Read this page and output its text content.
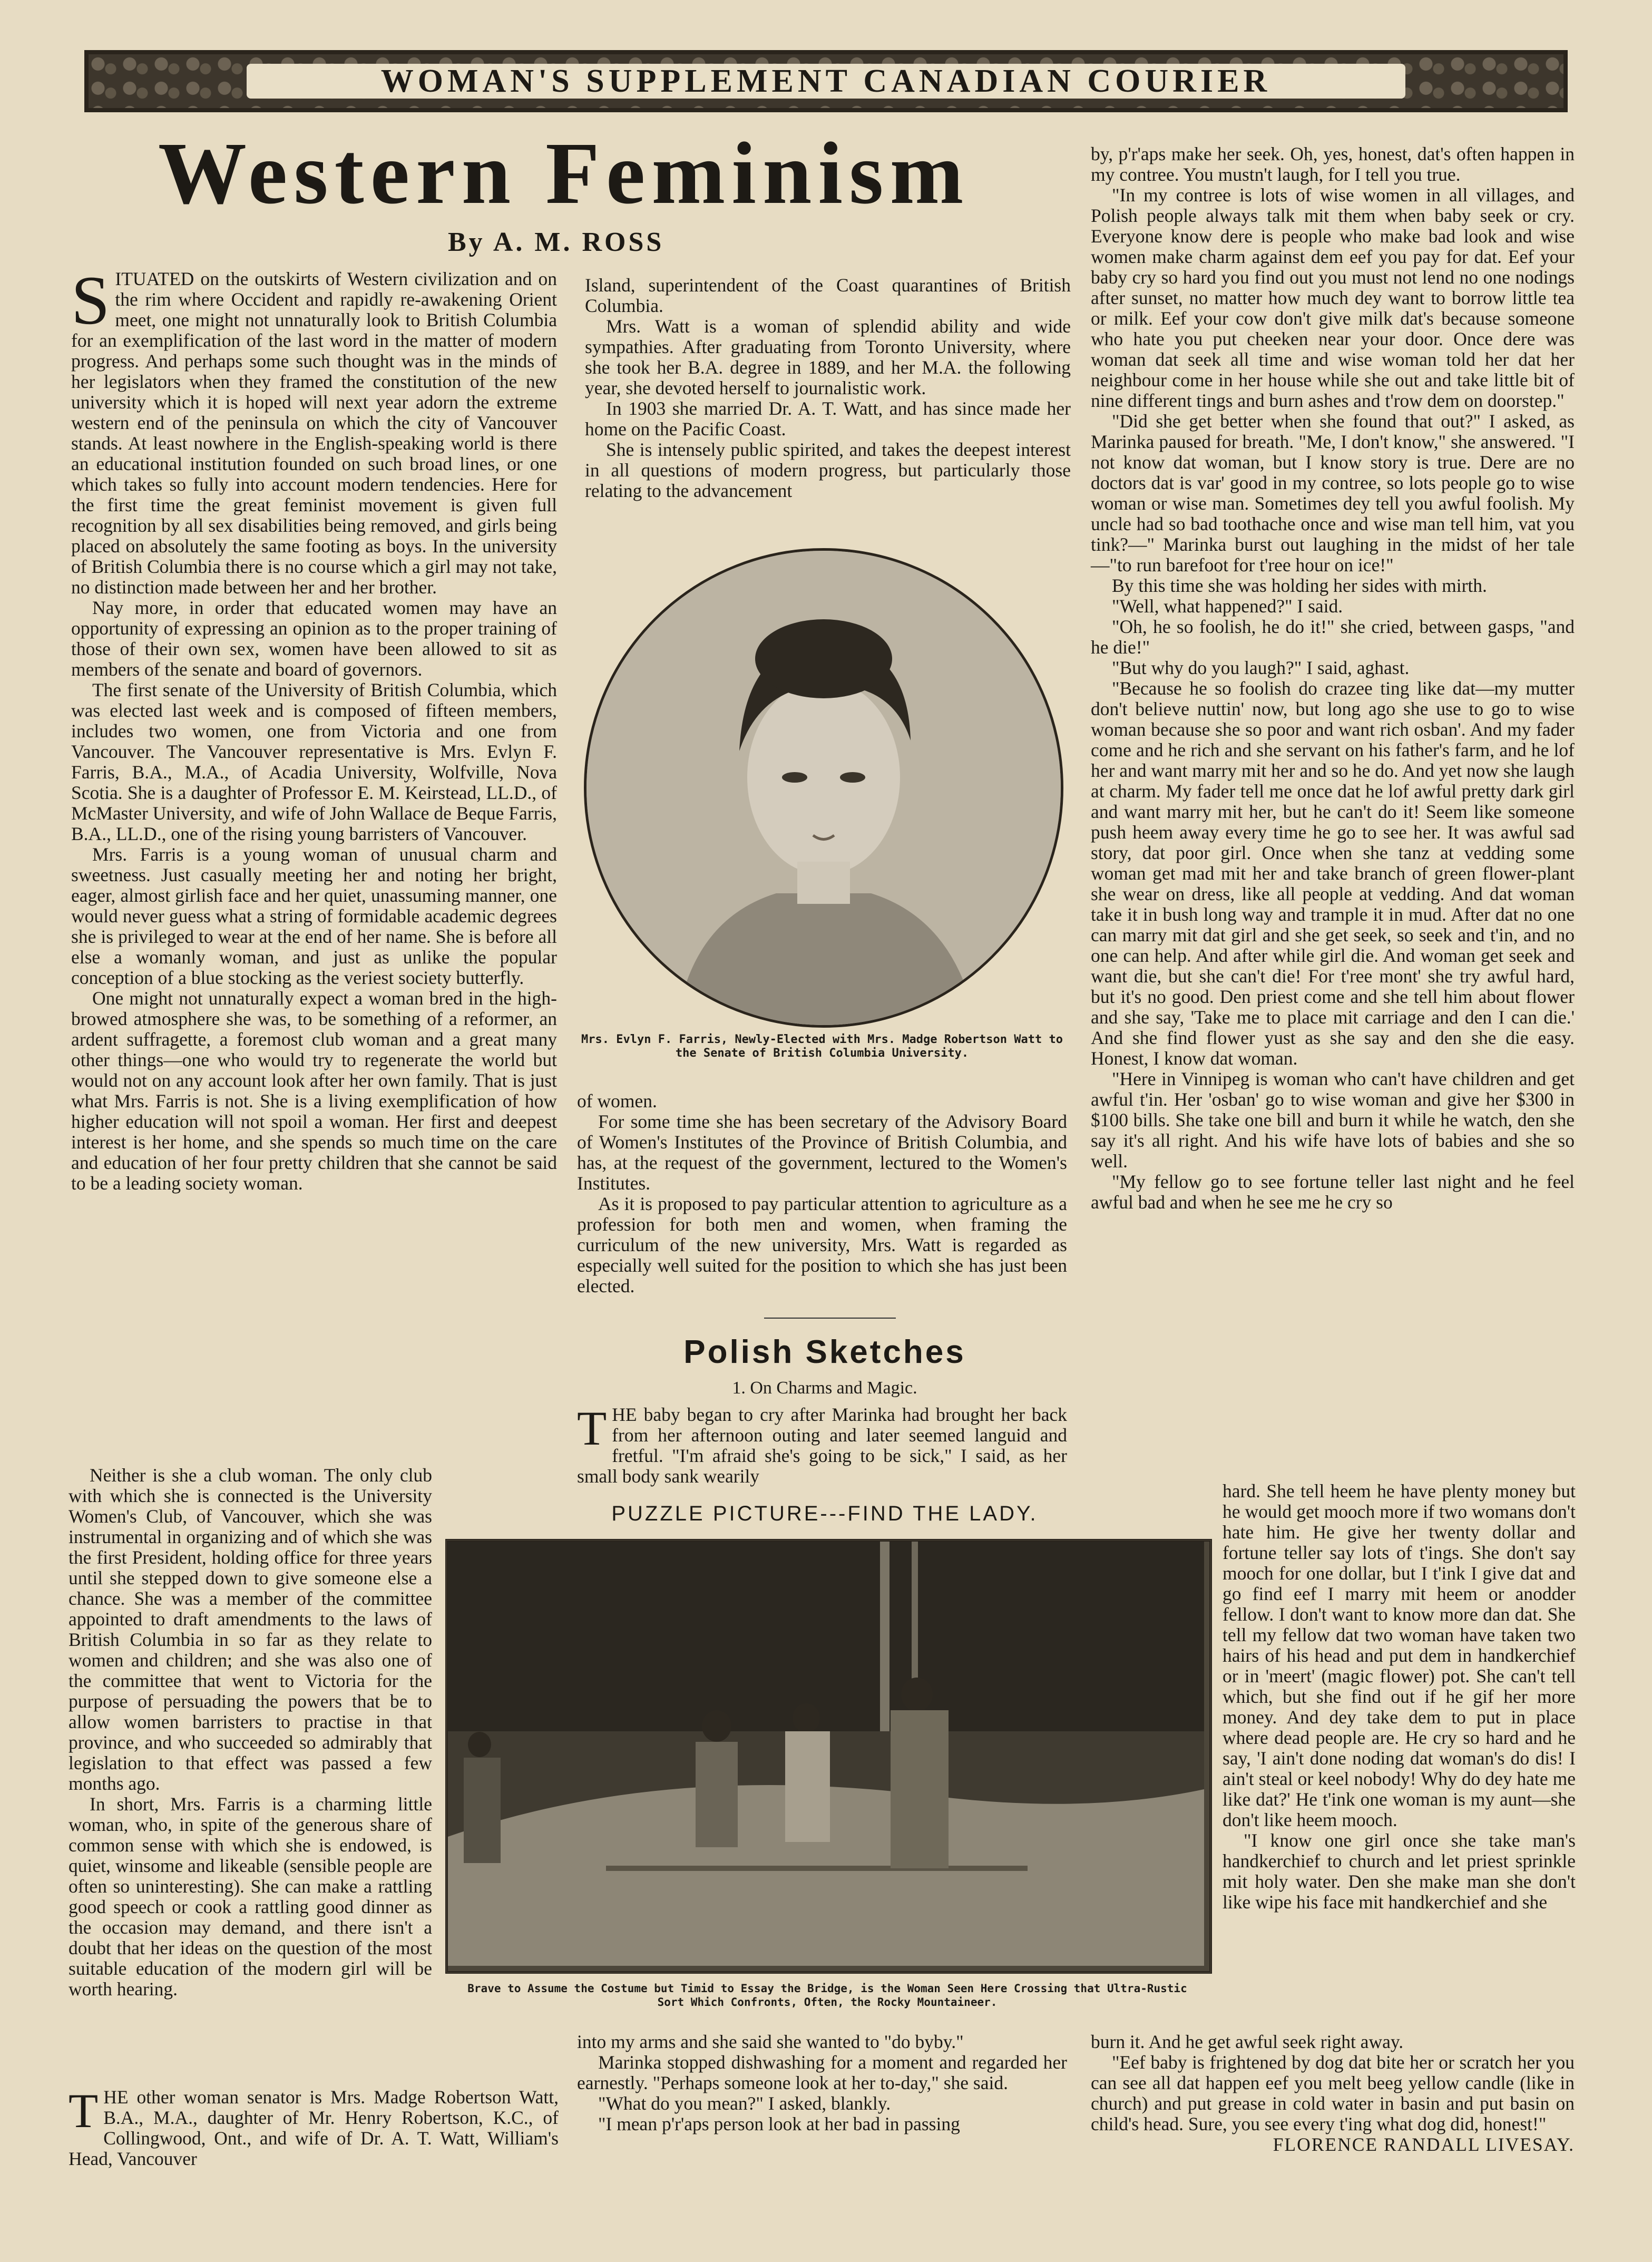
WOMAN'S SUPPLEMENT CANADIAN COURIER
Western Feminism
By A. M. ROSS

SITUATED on the outskirts of Western civilization and on the rim where Occident and rapidly re-awakening Orient meet, one might not unnaturally look to British Columbia for an exemplification of the last word in the matter of modern progress. And perhaps some such thought was in the minds of her legislators when they framed the constitution of the new university which it is hoped will next year adorn the extreme western end of the peninsula on which the city of Vancouver stands. At least nowhere in the English-speaking world is there an educational institution founded on such broad lines, or one which takes so fully into account modern tendencies. Here for the first time the great feminist movement is given full recognition by all sex disabilities being removed, and girls being placed on absolutely the same footing as boys. In the university of British Columbia there is no course which a girl may not take, no distinction made between her and her brother.

Nay more, in order that educated women may have an opportunity of expressing an opinion as to the proper training of those of their own sex, women have been allowed to sit as members of the senate and board of governors.

The first senate of the University of British Columbia, which was elected last week and is composed of fifteen members, includes two women, one from Victoria and one from Vancouver. The Vancouver representative is Mrs. Evlyn F. Farris, B.A., M.A., of Acadia University, Wolfville, Nova Scotia. She is a daughter of Professor E. M. Keirstead, LL.D., of McMaster University, and wife of John Wallace de Beque Farris, B.A., LL.D., one of the rising young barristers of Vancouver.

Mrs. Farris is a young woman of unusual charm and sweetness. Just casually meeting her and noting her bright, eager, almost girlish face and her quiet, unassuming manner, one would never guess what a string of formidable academic degrees she is privileged to wear at the end of her name. She is before all else a womanly woman, and just as unlike the popular conception of a blue stocking as the veriest society butterfly.

One might not unnaturally expect a woman bred in the high-browed atmosphere she was, to be something of a reformer, an ardent suffragette, a foremost club woman and a great many other things—one who would try to regenerate the world but would not on any account look after her own family. That is just what Mrs. Farris is not. She is a living exemplification of how higher education will not spoil a woman. Her first and deepest interest is her home, and she spends so much time on the care and education of her four pretty children that she cannot be said to be a leading society woman.

Neither is she a club woman. The only club with which she is connected is the University Women's Club, of Vancouver, which she was instrumental in organizing and of which she was the first President, holding office for three years until she stepped down to give someone else a chance. She was a member of the committee appointed to draft amendments to the laws of British Columbia in so far as they relate to women and children; and she was also one of the committee that went to Victoria for the purpose of persuading the powers that be to allow women barristers to practise in that province, and who succeeded so admirably that legislation to that effect was passed a few months ago.

In short, Mrs. Farris is a charming little woman, who, in spite of the generous share of common sense with which she is endowed, is quiet, winsome and likeable (sensible people are often so uninteresting). She can make a rattling good speech or cook a rattling good dinner as the occasion may demand, and there isn't a doubt that her ideas on the question of the most suitable education of the modern girl will be worth hearing.

THE other woman senator is Mrs. Madge Robertson Watt, B.A., M.A., daughter of Mr. Henry Robertson, K.C., of Collingwood, Ont., and wife of Dr. A. T. Watt, William's Head, Vancouver

Island, superintendent of the Coast quarantines of British Columbia.

Mrs. Watt is a woman of splendid ability and wide sympathies. After graduating from Toronto University, where she took her B.A. degree in 1889, and her M.A. the following year, she devoted herself to journalistic work.

In 1903 she married Dr. A. T. Watt, and has since made her home on the Pacific Coast.

She is intensely public spirited, and takes the deepest interest in all questions of modern progress, but particularly those relating to the advancement

Mrs. Evlyn F. Farris, Newly-Elected with Mrs. Madge Robertson Watt to the Senate of British Columbia University.

of women.

For some time she has been secretary of the Advisory Board of Women's Institutes of the Province of British Columbia, and has, at the request of the government, lectured to the Women's Institutes.

As it is proposed to pay particular attention to agriculture as a profession for both men and women, when framing the curriculum of the new university, Mrs. Watt is regarded as especially well suited for the position to which she has just been elected.

Polish Sketches
1. On Charms and Magic.

THE baby began to cry after Marinka had brought her back from her afternoon outing and later seemed languid and fretful. "I'm afraid she's going to be sick," I said, as her small body sank wearily

PUZZLE PICTURE---FIND THE LADY.
Brave to Assume the Costume but Timid to Essay the Bridge, is the Woman Seen Here Crossing that Ultra-Rustic Sort Which Confronts, Often, the Rocky Mountaineer.

into my arms and she said she wanted to "do byby."

Marinka stopped dishwashing for a moment and regarded her earnestly. "Perhaps someone look at her to-day," she said.

"What do you mean?" I asked, blankly.

"I mean p'r'aps person look at her bad in passing

by, p'r'aps make her seek. Oh, yes, honest, dat's often happen in my contree. You mustn't laugh, for I tell you true.

"In my contree is lots of wise women in all villages, and Polish people always talk mit them when baby seek or cry. Everyone know dere is people who make bad look and wise women make charm against dem eef you pay for dat. Eef your baby cry so hard you find out you must not lend no one nodings after sunset, no matter how much dey want to borrow little tea or milk. Eef your cow don't give milk dat's because someone who hate you put cheeken near your door. Once dere was woman dat seek all time and wise woman told her dat her neighbour come in her house while she out and take little bit of nine different tings and burn ashes and t'row dem on doorstep."

"Did she get better when she found that out?" I asked, as Marinka paused for breath. "Me, I don't know," she answered. "I not know dat woman, but I know story is true. Dere are no doctors dat is var' good in my contree, so lots people go to wise woman or wise man. Sometimes dey tell you awful foolish. My uncle had so bad toothache once and wise man tell him, vat you tink?—" Marinka burst out laughing in the midst of her tale—"to run barefoot for t'ree hour on ice!"

By this time she was holding her sides with mirth.

"Well, what happened?" I said.

"Oh, he so foolish, he do it!" she cried, between gasps, "and he die!"

"But why do you laugh?" I said, aghast.

"Because he so foolish do crazee ting like dat—my mutter don't believe nuttin' now, but long ago she use to go to wise woman because she so poor and want rich osban'. And my fader come and he rich and she servant on his father's farm, and he lof her and want marry mit her and so he do. And yet now she laugh at charm. My fader tell me once dat he lof awful pretty dark girl and want marry mit her, but he can't do it! Seem like someone push heem away every time he go to see her. It was awful sad story, dat poor girl. Once when she tanz at vedding some woman get mad mit her and take branch of green flower-plant she wear on dress, like all people at vedding. And dat woman take it in bush long way and trample it in mud. After dat no one can marry mit dat girl and she get seek, so seek and t'in, and no one can help. And after while girl die. And woman get seek and want die, but she can't die! For t'ree mont' she try awful hard, but it's no good. Den priest come and she tell him about flower and she say, 'Take me to place mit carriage and den I can die.' And she find flower yust as she say and den she die easy. Honest, I know dat woman.

"Here in Vinnipeg is woman who can't have children and get awful t'in. Her 'osban' go to wise woman and give her $300 in $100 bills. She take one bill and burn it while he watch, den she say it's all right. And his wife have lots of babies and she so well.

"My fellow go to see fortune teller last night and he feel awful bad and when he see me he cry so

hard. She tell heem he have plenty money but he would get mooch more if two womans don't hate him. He give her twenty dollar and fortune teller say lots of t'ings. She don't say mooch for one dollar, but I t'ink I give dat and go find eef I marry mit heem or anodder fellow. I don't want to know more dan dat. She tell my fellow dat two woman have taken two hairs of his head and put dem in handkerchief or in 'meert' (magic flower) pot. She can't tell which, but she find out if he gif her more money. And dey take dem to put in place where dead people are. He cry so hard and he say, 'I ain't done noding dat woman's do dis! I ain't steal or keel nobody! Why do dey hate me like dat?' He t'ink one woman is my aunt—she don't like heem mooch.

"I know one girl once she take man's handkerchief to church and let priest sprinkle mit holy water. Den she make man she don't like wipe his face mit handkerchief and she

burn it. And he get awful seek right away.

"Eef baby is frightened by dog dat bite her or scratch her you can see all dat happen eef you melt beeg yellow candle (like in church) and put grease in cold water in basin and put basin on child's head. Sure, you see every t'ing what dog did, honest!"

FLORENCE RANDALL LIVESAY.
